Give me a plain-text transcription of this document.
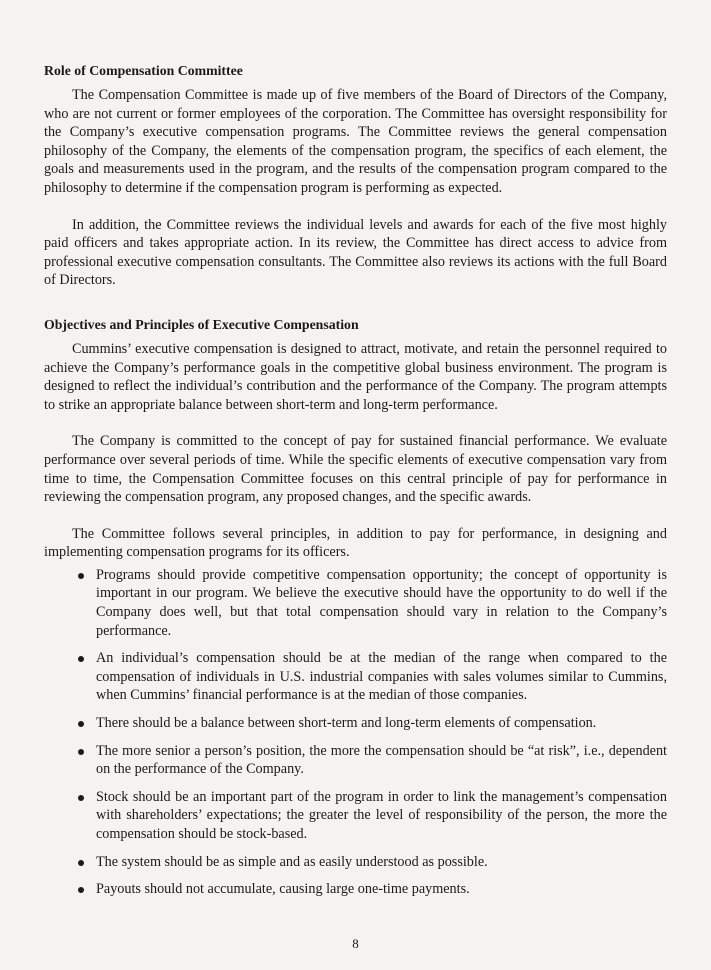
Role of Compensation Committee

The Compensation Committee is made up of five members of the Board of Directors of the Company, who are not current or former employees of the corporation. The Committee has oversight responsibility for the Company’s executive compensation programs. The Committee reviews the general compensation philosophy of the Company, the elements of the compensation program, the specifics of each element, the goals and measurements used in the program, and the results of the compensation program compared to the philosophy to determine if the compensation program is performing as expected.

In addition, the Committee reviews the individual levels and awards for each of the five most highly paid officers and takes appropriate action. In its review, the Committee has direct access to advice from professional executive compensation consultants. The Committee also reviews its actions with the full Board of Directors.

Objectives and Principles of Executive Compensation

Cummins’ executive compensation is designed to attract, motivate, and retain the personnel required to achieve the Company’s performance goals in the competitive global business environment. The program is designed to reflect the individual’s contribution and the performance of the Company. The program attempts to strike an appropriate balance between short-term and long-term performance.

The Company is committed to the concept of pay for sustained financial performance. We evaluate performance over several periods of time. While the specific elements of executive compensation vary from time to time, the Compensation Committee focuses on this central principle of pay for performance in reviewing the compensation program, any proposed changes, and the specific awards.

The Committee follows several principles, in addition to pay for performance, in designing and implementing compensation programs for its officers.

Programs should provide competitive compensation opportunity; the concept of opportunity is important in our program. We believe the executive should have the opportunity to do well if the Company does well, but that total compensation should vary in relation to the Company’s performance.
An individual’s compensation should be at the median of the range when compared to the compensation of individuals in U.S. industrial companies with sales volumes similar to Cummins, when Cummins’ financial performance is at the median of those companies.
There should be a balance between short-term and long-term elements of compensation.
The more senior a person’s position, the more the compensation should be “at risk”, i.e., dependent on the performance of the Company.
Stock should be an important part of the program in order to link the management’s compensation with shareholders’ expectations; the greater the level of responsibility of the person, the more the compensation should be stock-based.
The system should be as simple and as easily understood as possible.
Payouts should not accumulate, causing large one-time payments.
8
